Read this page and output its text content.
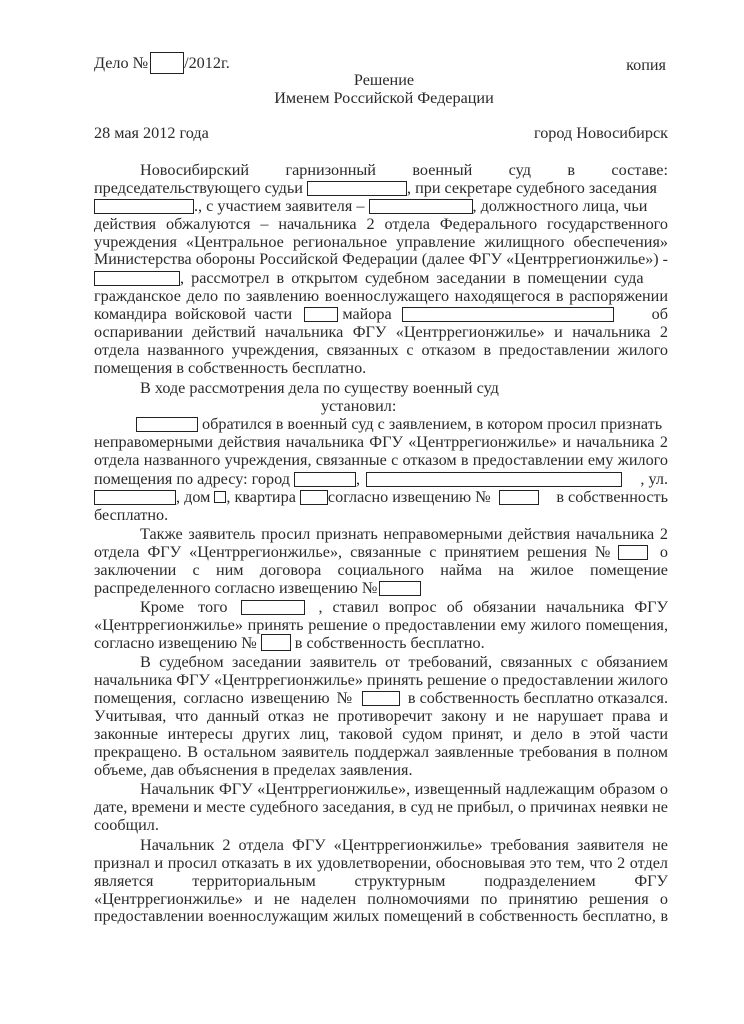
Дело № /2012г.	копия
Решение
Именем Российской Федерации
28 мая 2012 года	город Новосибирск
Новосибирский гарнизонный военный суд в составе:
председательствующего судьи	, при секретаре судебного заседания
., с участием заявителя –	, должностного лица, чьи
действия обжалуются – начальника 2 отдела Федерального государственного
учреждения «Центральное региональное управление жилищного обеспечения»
Министерства обороны Российской Федерации (далее ФГУ «Центррегионжилье») -
, рассмотрел в открытом судебном заседании в помещении суда
гражданское дело по заявлению военнослужащего находящегося в распоряжении
командира войсковой части	майора	об
оспаривании действий начальника ФГУ «Центррегионжилье» и начальника 2
отдела названного учреждения, связанных с отказом в предоставлении жилого
помещения в собственность бесплатно.
В ходе рассмотрения дела по существу военный суд
установил:
обратился в военный суд с заявлением, в котором просил признать
неправомерными действия начальника ФГУ «Центррегионжилье» и начальника 2
отдела названного учреждения, связанные с отказом в предоставлении ему жилого
помещения по адресу: город	,	, ул.
, дом , квартира согласно извещению №	в собственность
бесплатно.
Также заявитель просил признать неправомерными действия начальника 2
отдела ФГУ «Центррегионжилье», связанные с принятием решения №	о
заключении с ним договора социального найма на жилое помещение
распределенного согласно извещению №
Кроме того	, ставил вопрос об обязании начальника ФГУ
«Центррегионжилье» принять решение о предоставлении ему жилого помещения,
согласно извещению № в собственность бесплатно.
В судебном заседании заявитель от требований, связанных с обязанием
начальника ФГУ «Центррегионжилье» принять решение о предоставлении жилого
помещения, согласно извещению №	в собственность бесплатно отказался.
Учитывая, что данный отказ не противоречит закону и не нарушает права и
законные интересы других лиц, таковой судом принят, и дело в этой части
прекращено. В остальном заявитель поддержал заявленные требования в полном
объеме, дав объяснения в пределах заявления.
Начальник ФГУ «Центррегионжилье», извещенный надлежащим образом о
дате, времени и месте судебного заседания, в суд не прибыл, о причинах неявки не
сообщил.
Начальник 2 отдела ФГУ «Центррегионжилье» требования заявителя не
признал и просил отказать в их удовлетворении, обосновывая это тем, что 2 отдел
является территориальным структурным подразделением ФГУ
«Центррегионжилье» и не наделен полномочиями по принятию решения о
предоставлении военнослужащим жилых помещений в собственность бесплатно, в
